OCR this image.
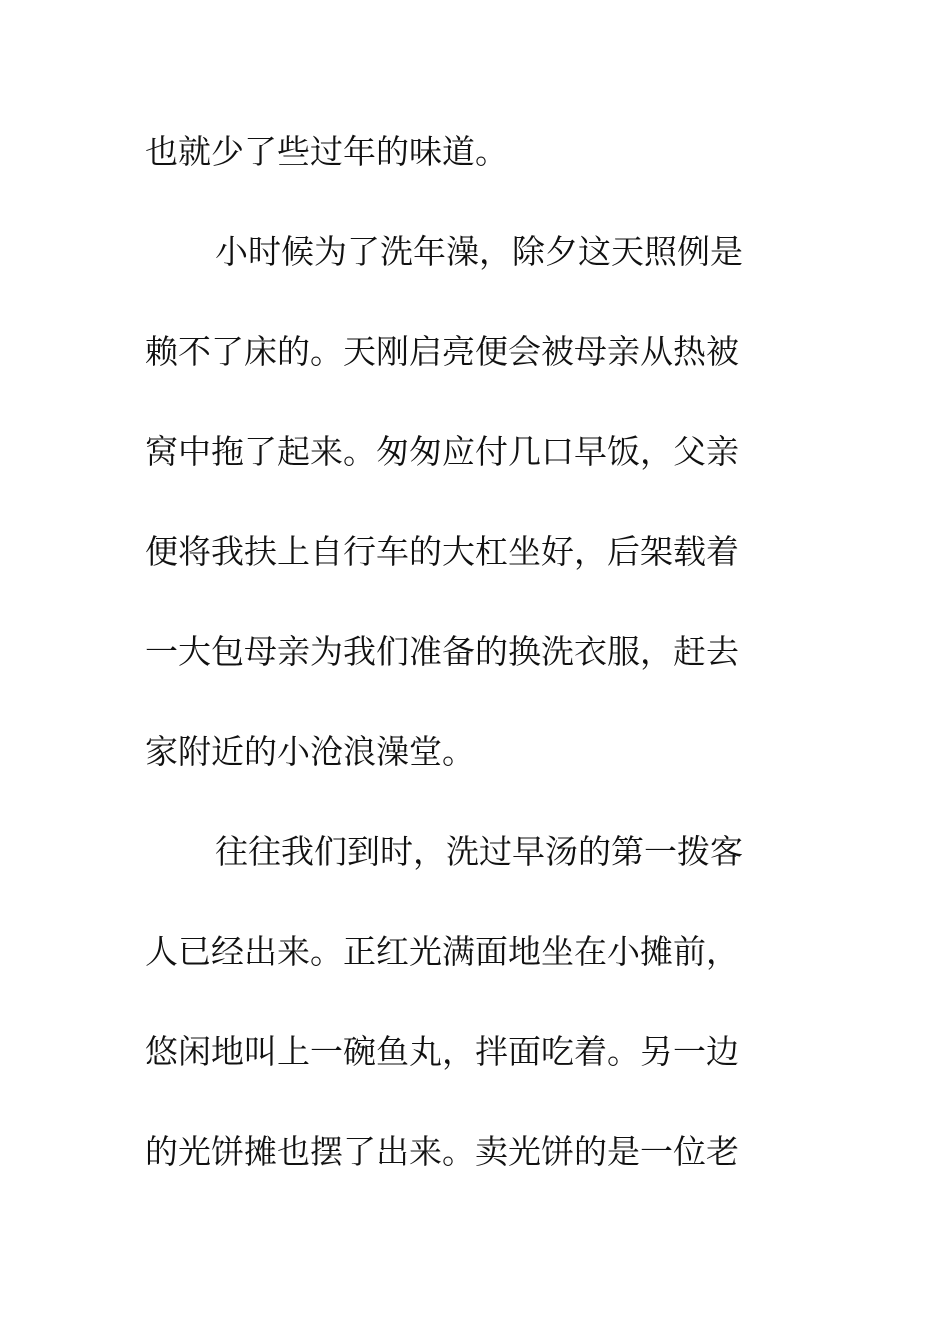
也就少了些过年的味道。
小时候为了洗年澡，除夕这天照例是
赖不了床的。天刚启亮便会被母亲从热被
窝中拖了起来。匆匆应付几口早饭，父亲
便将我扶上自行车的大杠坐好，后架载着
一大包母亲为我们准备的换洗衣服，赶去
家附近的小沧浪澡堂。
往往我们到时，洗过早汤的第一拨客
人已经出来。正红光满面地坐在小摊前，
悠闲地叫上一碗鱼丸，拌面吃着。另一边
的光饼摊也摆了出来。卖光饼的是一位老
